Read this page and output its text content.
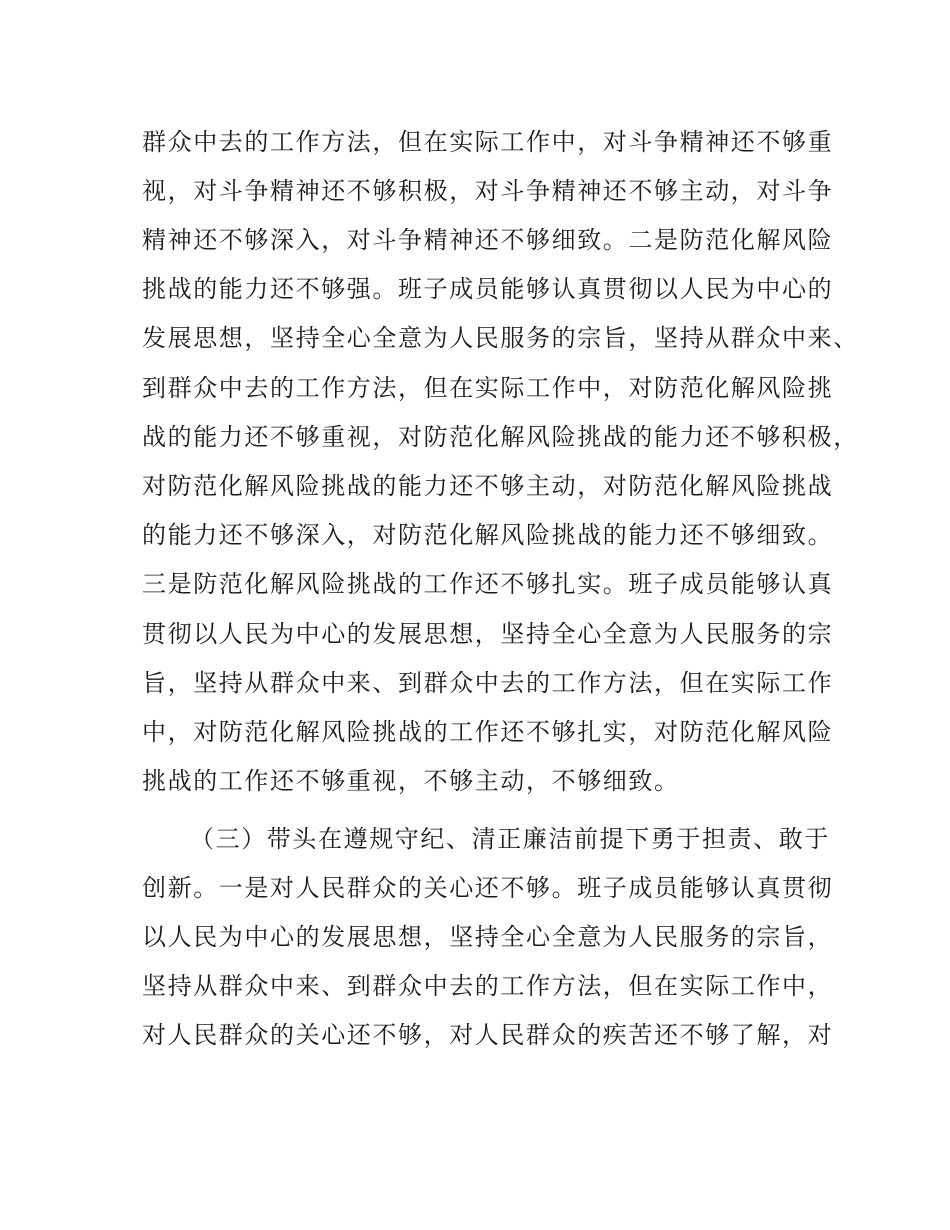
群众中去的工作方法，但在实际工作中，对斗争精神还不够重
视，对斗争精神还不够积极，对斗争精神还不够主动，对斗争
精神还不够深入，对斗争精神还不够细致。二是防范化解风险
挑战的能力还不够强。班子成员能够认真贯彻以人民为中心的
发展思想，坚持全心全意为人民服务的宗旨，坚持从群众中来、
到群众中去的工作方法，但在实际工作中，对防范化解风险挑
战的能力还不够重视，对防范化解风险挑战的能力还不够积极，
对防范化解风险挑战的能力还不够主动，对防范化解风险挑战
的能力还不够深入，对防范化解风险挑战的能力还不够细致。
三是防范化解风险挑战的工作还不够扎实。班子成员能够认真
贯彻以人民为中心的发展思想，坚持全心全意为人民服务的宗
旨，坚持从群众中来、到群众中去的工作方法，但在实际工作
中，对防范化解风险挑战的工作还不够扎实，对防范化解风险
挑战的工作还不够重视，不够主动，不够细致。
（三）带头在遵规守纪、清正廉洁前提下勇于担责、敢于
创新。一是对人民群众的关心还不够。班子成员能够认真贯彻
以人民为中心的发展思想，坚持全心全意为人民服务的宗旨，
坚持从群众中来、到群众中去的工作方法，但在实际工作中，
对人民群众的关心还不够，对人民群众的疾苦还不够了解，对
